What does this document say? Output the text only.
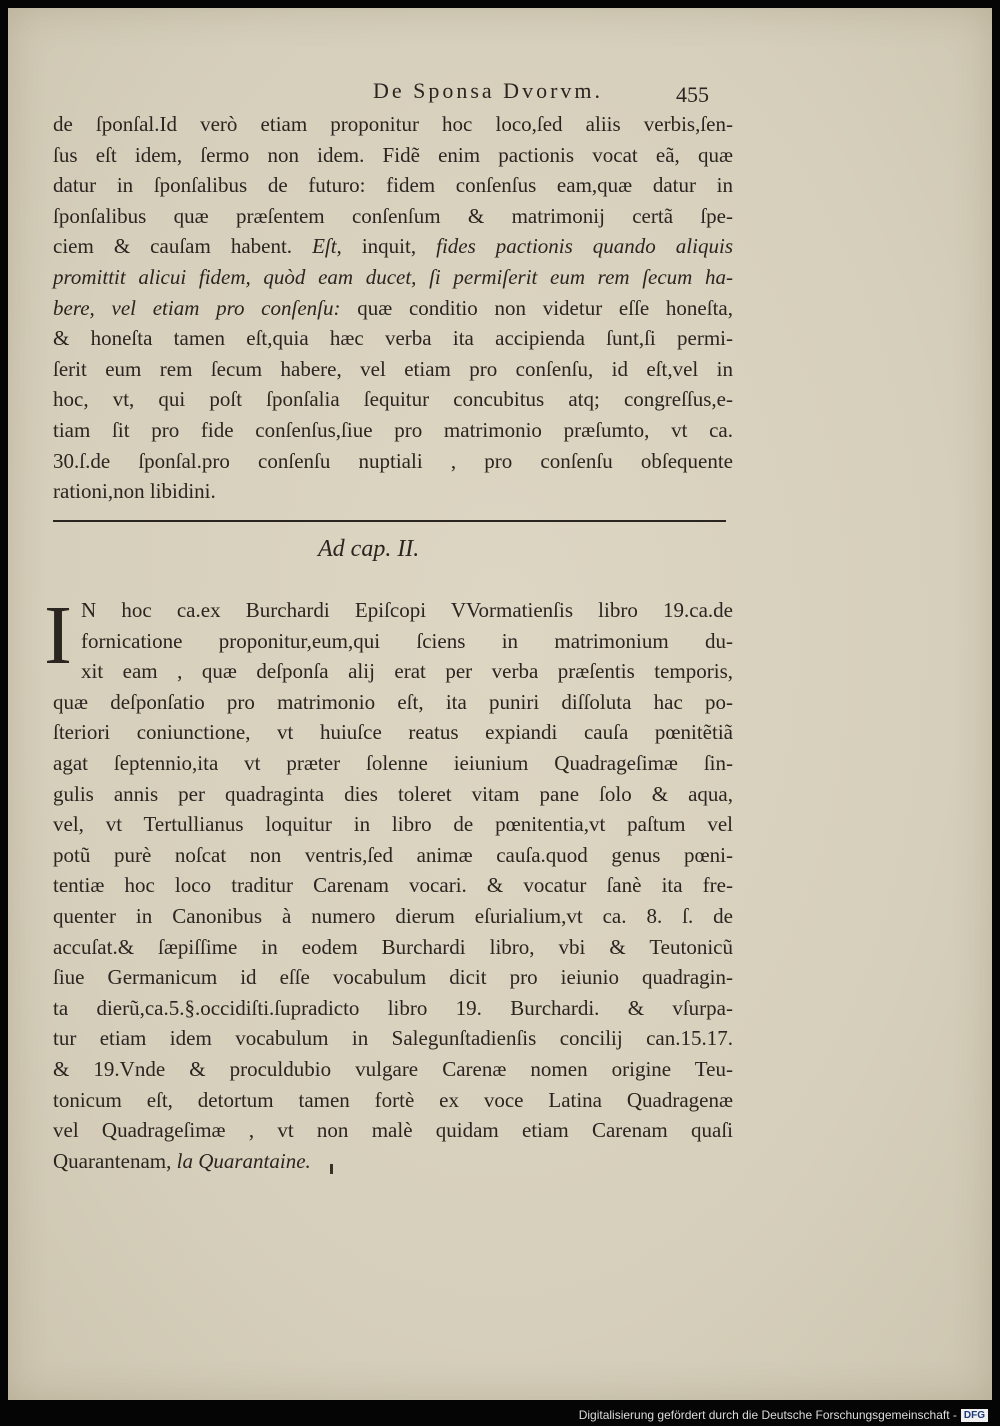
De Sponsa Dvorvm.	455
de ſponſal.Id verò etiam proponitur hoc loco,ſed aliis verbis,ſen-
ſus eſt idem, ſermo non idem. Fidẽ enim pactionis vocat eã, quæ
datur in ſponſalibus de futuro: fidem conſenſus eam,quæ datur in
ſponſalibus quæ præſentem conſenſum & matrimonij certã ſpe-
ciem & cauſam habent. Eſt, inquit, fides pactionis quando aliquis
promittit alicui fidem, quòd eam ducet, ſi permiſerit eum rem ſecum ha-
bere, vel etiam pro conſenſu: quæ conditio non videtur eſſe honeſta,
& honeſta tamen eſt,quia hæc verba ita accipienda ſunt,ſi permi-
ſerit eum rem ſecum habere, vel etiam pro conſenſu, id eſt,vel in
hoc, vt, qui poſt ſponſalia ſequitur concubitus atq; congreſſus,e-
tiam ſit pro fide conſenſus,ſiue pro matrimonio præſumto, vt ca.
30.ſ.de ſponſal.pro conſenſu nuptiali , pro conſenſu obſequente
rationi,non libidini.
Ad cap. II.
I N hoc ca.ex Burchardi Epiſcopi VVormatienſis libro 19.ca.de
fornicatione proponitur,eum,qui ſciens in matrimonium du-
xit eam , quæ deſponſa alij erat per verba præſentis temporis,
quæ deſponſatio pro matrimonio eſt, ita puniri diſſoluta hac po-
ſteriori coniunctione, vt huiuſce reatus expiandi cauſa pœnitẽtiã
agat ſeptennio,ita vt præter ſolenne ieiunium Quadrageſimæ ſin-
gulis annis per quadraginta dies toleret vitam pane ſolo & aqua,
vel, vt Tertullianus loquitur in libro de pœnitentia,vt paſtum vel
potũ purè noſcat non ventris,ſed animæ cauſa.quod genus pœni-
tentiæ hoc loco traditur Carenam vocari. & vocatur ſanè ita fre-
quenter in Canonibus à numero dierum eſurialium,vt ca. 8. ſ. de
accuſat.& ſæpiſſime in eodem Burchardi libro, vbi & Teutonicũ
ſiue Germanicum id eſſe vocabulum dicit pro ieiunio quadragin-
ta dierũ,ca.5.§.occidiſti.ſupradicto libro 19. Burchardi. & vſurpa-
tur etiam idem vocabulum in Salegunſtadienſis concilij can.15.17.
& 19.Vnde & proculdubio vulgare Carenæ nomen origine Teu-
tonicum eſt, detortum tamen fortè ex voce Latina Quadragenæ
vel Quadrageſimæ , vt non malè quidam etiam Carenam quaſi
Quarantenam, la Quarantaine.
Digitalisierung gefördert durch die Deutsche Forschungsgemeinschaft - DFG
